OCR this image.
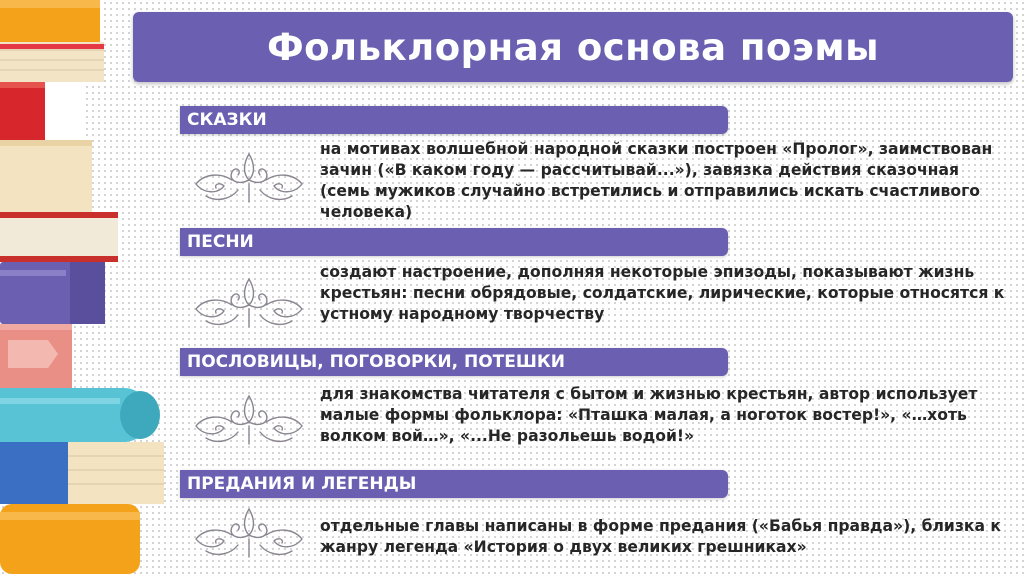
Фольклорная основа поэмы
СКАЗКИ
на мотивах волшебной народной сказки построен «Пролог», заимствован зачин («В каком году — рассчитывай...»), завязка действия сказочная (семь мужиков случайно встретились и отправились искать счастливого человека)
ПЕСНИ
создают настроение, дополняя некоторые эпизоды, показывают жизнь крестьян: песни обрядовые, солдатские, лирические, которые относятся к устному народному творчеству
ПОСЛОВИЦЫ, ПОГОВОРКИ, ПОТЕШКИ
для знакомства читателя с бытом и жизнью крестьян, автор использует малые формы фольклора: «Пташка малая, а ноготок востер!», «…хоть волком вой…», «...Не разольешь водой!»
ПРЕДАНИЯ И ЛЕГЕНДЫ
отдельные главы написаны в форме предания («Бабья правда»), близка к жанру легенда «История о двух великих грешниках»
